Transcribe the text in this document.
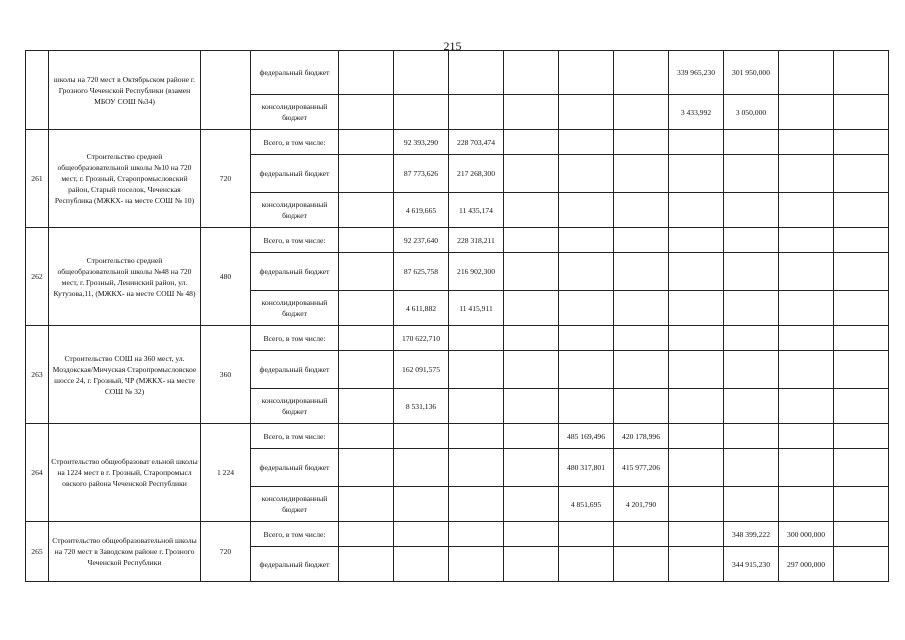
215
	школы на 720 мест в Октябрьском районе г. Грозного Чеченской Республики (взамен МБОУ СОШ №34)		федеральный бюджет							339 965,230	301 950,000		
			консолидированный бюджет							3 433,992	3 050,000		
261	Строительство средней общеобразовательной школы №10 на 720 мест, г. Грозный, Старопромысловский район, Старый поселок, Чеченская Республика (МЖКХ- на месте СОШ № 10)	720	Всего, в том числе:		92 393,290	228 703,474							
			федеральный бюджет		87 773,626	217 268,300							
			консолидированный бюджет		4 619,665	11 435,174							
262	Строительство средней общеобразовательной школы №48 на 720 мест, г. Грозный, Ленинский район, ул. Кутузова,11, (МЖКХ- на месте СОШ № 48)	480	Всего, в том числе:		92 237,640	228 318,211							
			федеральный бюджет		87 625,758	216 902,300							
			консолидированный бюджет		4 611,882	11 415,911							
263	Строительство СОШ на 360 мест, ул. Моздокская/Мичуская Старопромысловское шоссе 24, г. Грозный, ЧР (МЖКХ- на месте СОШ № 32)	360	Всего, в том числе:		170 622,710								
			федеральный бюджет		162 091,575								
			консолидированный бюджет		8 531,136								
264	Строительство общеобразоват ельной школы на 1224 мест в г. Грозный, Старопромысл овского района Чеченской Республики	1 224	Всего, в том числе:					485 169,496	420 178,996				
			федеральный бюджет					480 317,801	415 977,206				
			консолидированный бюджет					4 851,695	4 201,790				
265	Строительство общеобразовательной школы на 720 мест в Заводском районе г. Грозного Чеченской Республики	720	Всего, в том числе:								348 399,222	300 000,000	
			федеральный бюджет								344 915,230	297 000,000	
